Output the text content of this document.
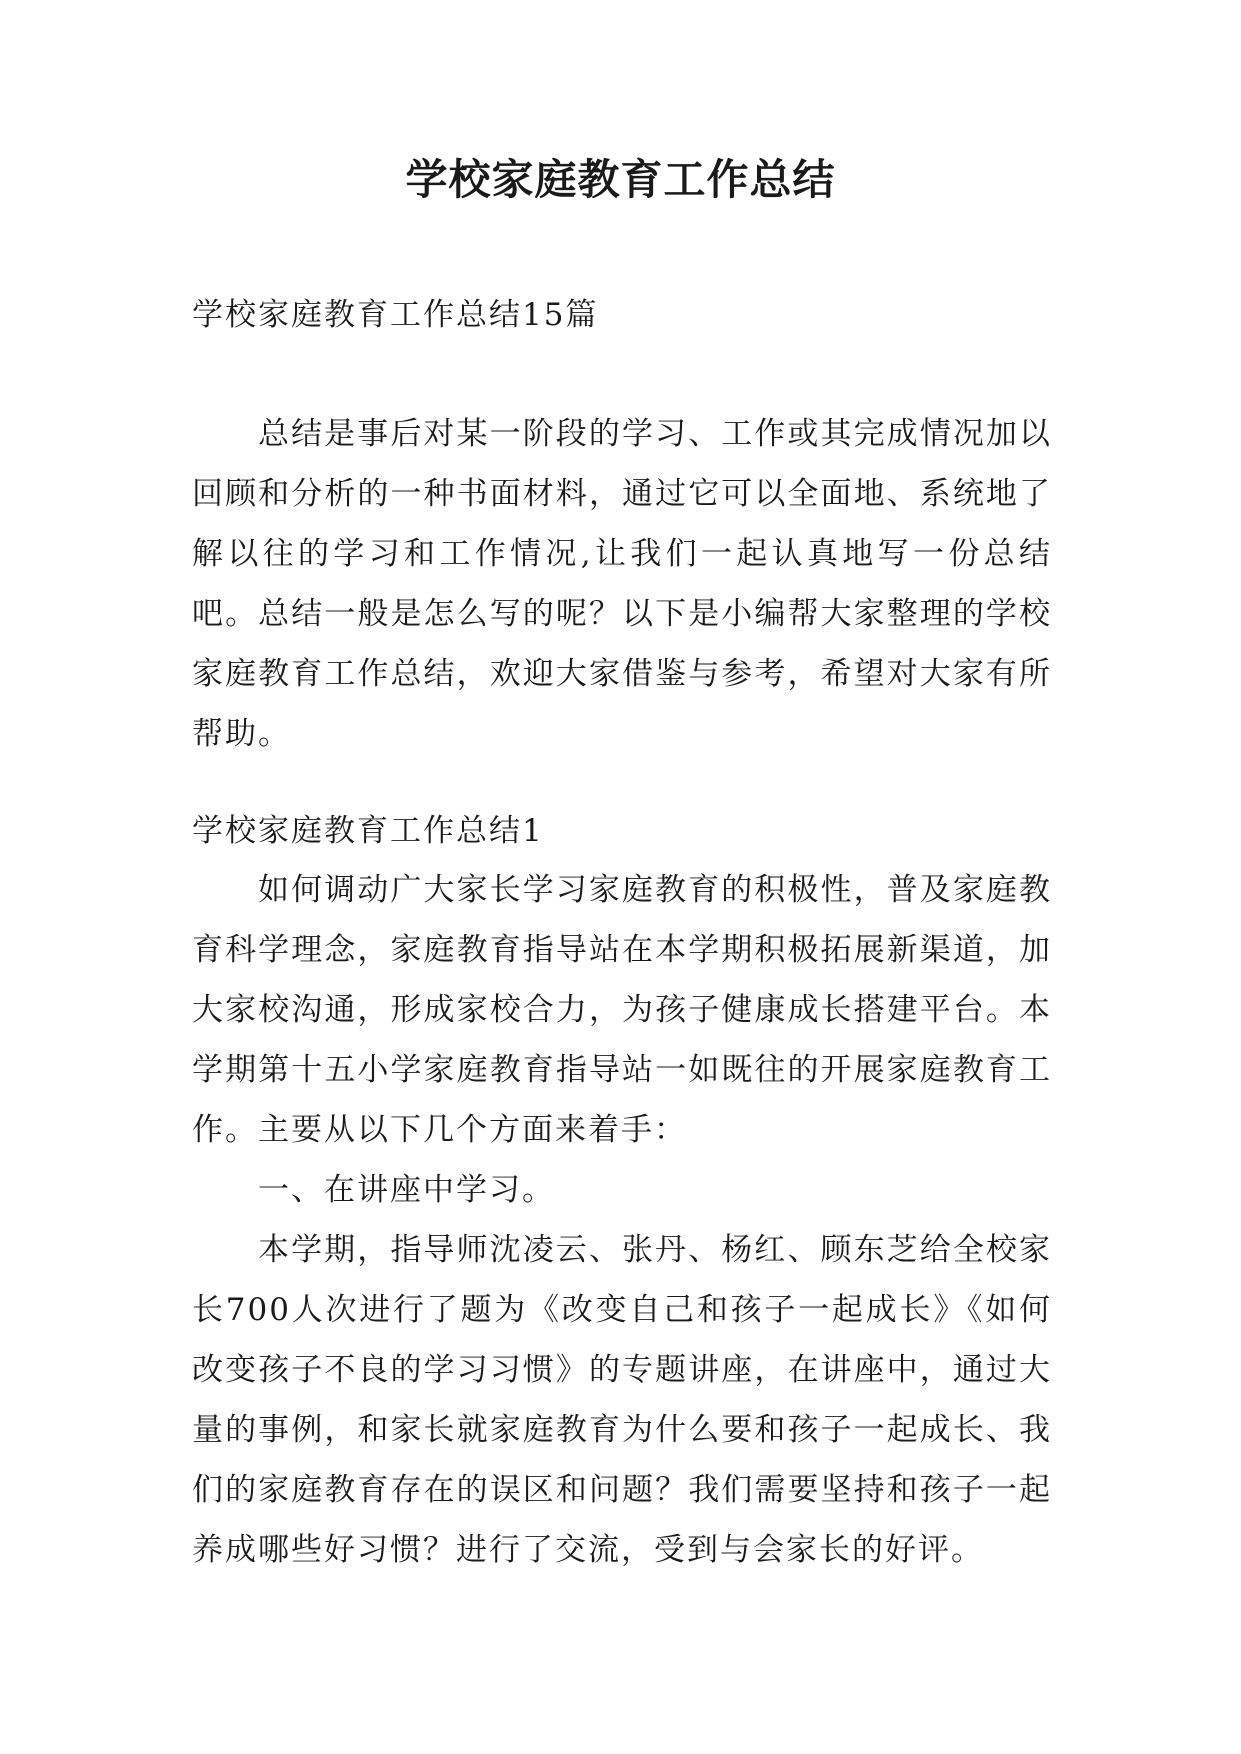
学校家庭教育工作总结
学校家庭教育工作总结15篇

总结是事后对某一阶段的学习、工作或其完成情况加以回顾和分析的一种书面材料，通过它可以全面地、系统地了解以往的学习和工作情况,让我们一起认真地写一份总结吧。总结一般是怎么写的呢？以下是小编帮大家整理的学校家庭教育工作总结，欢迎大家借鉴与参考，希望对大家有所帮助。

学校家庭教育工作总结1

如何调动广大家长学习家庭教育的积极性，普及家庭教育科学理念，家庭教育指导站在本学期积极拓展新渠道，加大家校沟通，形成家校合力，为孩子健康成长搭建平台。本学期第十五小学家庭教育指导站一如既往的开展家庭教育工作。主要从以下几个方面来着手：

一、在讲座中学习。

本学期，指导师沈凌云、张丹、杨红、顾东芝给全校家长700人次进行了题为《改变自己和孩子一起成长》《如何改变孩子不良的学习习惯》的专题讲座，在讲座中，通过大量的事例，和家长就家庭教育为什么要和孩子一起成长、我们的家庭教育存在的误区和问题？我们需要坚持和孩子一起养成哪些好习惯？进行了交流，受到与会家长的好评。
